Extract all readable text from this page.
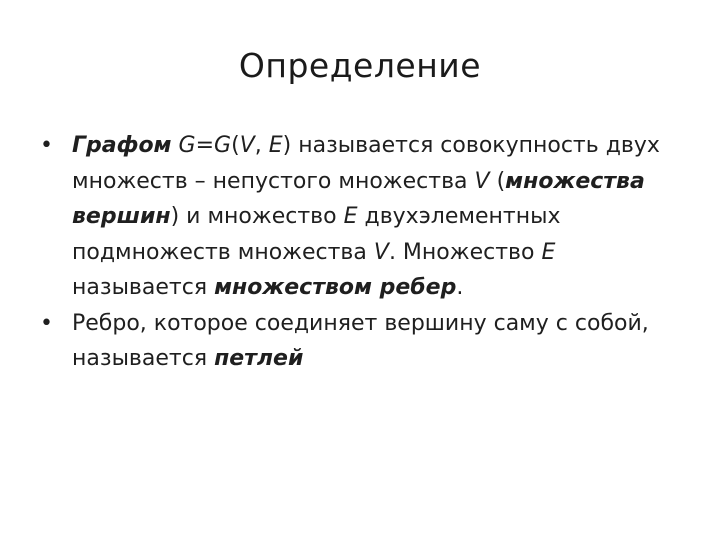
Определение

• Графом G=G(V, E) называется совокупность двух множеств – непустого множества V (множества вершин) и множество E двухэлементных подмножеств множества V. Множество E называется множеством ребер.

• Ребро, которое соединяет вершину саму с собой, называется петлей
